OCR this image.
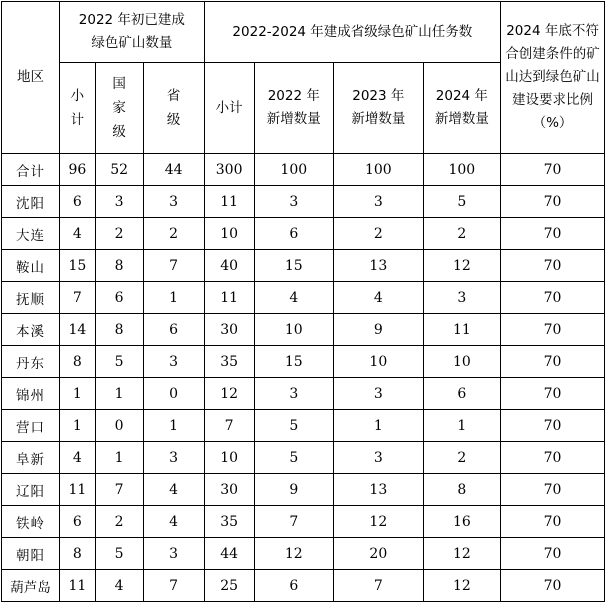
地区	2022 年初已建成绿色矿山数量			2022-2024 年建成省级绿色矿山任务数				2024 年底不符合创建条件的矿山达到绿色矿山建设要求比例（%）

	小计	国家级	省级	小计	2022 年新增数量	2023 年新增数量	2024 年新增数量	

合计	96	52	44	300	100	100	100	70
沈阳	6	3	3	11	3	3	5	70
大连	4	2	2	10	6	2	2	70
鞍山	15	8	7	40	15	13	12	70
抚顺	7	6	1	11	4	4	3	70
本溪	14	8	6	30	10	9	11	70
丹东	8	5	3	35	15	10	10	70
锦州	1	1	0	12	3	3	6	70
营口	1	0	1	7	5	1	1	70
阜新	4	1	3	10	5	3	2	70
辽阳	11	7	4	30	9	13	8	70
铁岭	6	2	4	35	7	12	16	70
朝阳	8	5	3	44	12	20	12	70
葫芦岛	11	4	7	25	6	7	12	70
